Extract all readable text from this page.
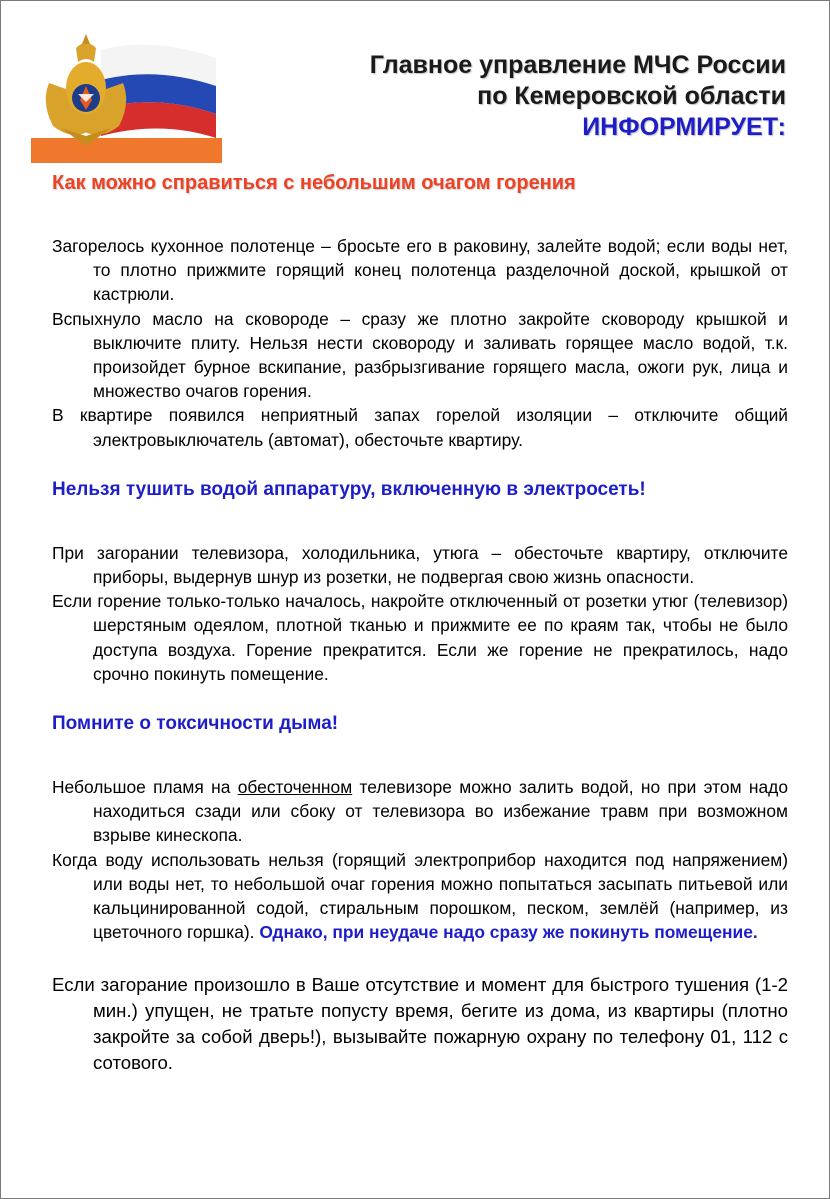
Главное управление МЧС России
по Кемеровской области
ИНФОРМИРУЕТ:
Как можно справиться с небольшим очагом горения

Загорелось кухонное полотенце – бросьте его в раковину, залейте водой; если воды нет, то плотно прижмите горящий конец полотенца разделочной доской, крышкой от кастрюли.

Вспыхнуло масло на сковороде – сразу же плотно закройте сковороду крышкой и выключите плиту. Нельзя нести сковороду и заливать горящее масло водой, т.к. произойдет бурное вскипание, разбрызгивание горящего масла, ожоги рук, лица и множество очагов горения.

В квартире появился неприятный запах горелой изоляции – отключите общий электровыключатель (автомат), обесточьте квартиру.

Нельзя тушить водой аппаратуру, включенную в электросеть!

При загорании телевизора, холодильника, утюга – обесточьте квартиру, отключите приборы, выдернув шнур из розетки, не подвергая свою жизнь опасности.

Если горение только-только началось, накройте отключенный от розетки утюг (телевизор) шерстяным одеялом, плотной тканью и прижмите ее по краям так, чтобы не было доступа воздуха. Горение прекратится. Если же горение не прекратилось, надо срочно покинуть помещение.

Помните о токсичности дыма!

Небольшое пламя на обесточенном телевизоре можно залить водой, но при этом надо находиться сзади или сбоку от телевизора во избежание травм при возможном взрыве кинескопа.

Когда воду использовать нельзя (горящий электроприбор находится под напряжением) или воды нет, то небольшой очаг горения можно попытаться засыпать питьевой или кальцинированной содой, стиральным порошком, песком, землёй (например, из цветочного горшка). Однако, при неудаче надо сразу же покинуть помещение.

Если загорание произошло в Ваше отсутствие и момент для быстрого тушения (1-2 мин.) упущен, не тратьте попусту время, бегите из дома, из квартиры (плотно закройте за собой дверь!), вызывайте пожарную охрану по телефону 01, 112 с сотового.
